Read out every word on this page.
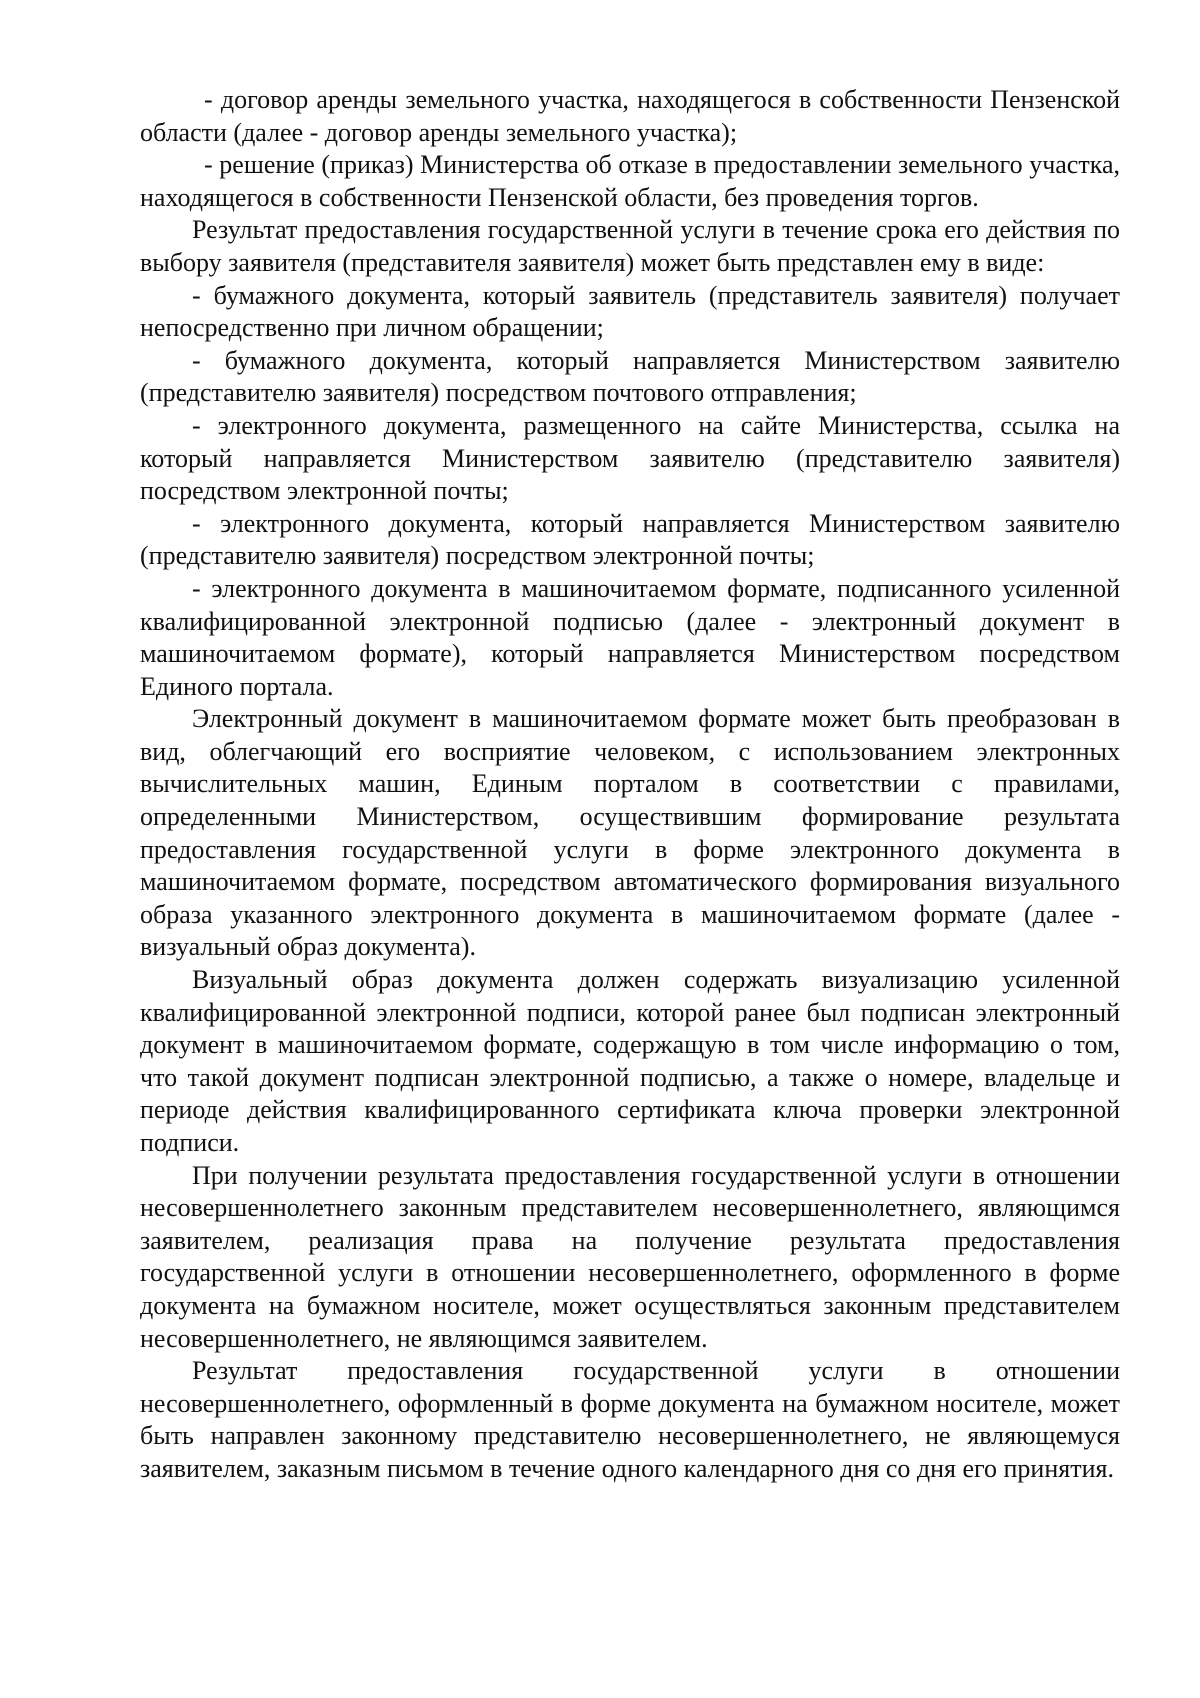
- договор аренды земельного участка, находящегося в собственности Пензенской области (далее - договор аренды земельного участка);

- решение (приказ) Министерства об отказе в предоставлении земельного участка, находящегося в собственности Пензенской области, без проведения торгов.

Результат предоставления государственной услуги в течение срока его действия по выбору заявителя (представителя заявителя) может быть представлен ему в виде:

- бумажного документа, который заявитель (представитель заявителя) получает непосредственно при личном обращении;

- бумажного документа, который направляется Министерством заявителю (представителю заявителя) посредством почтового отправления;

- электронного документа, размещенного на сайте Министерства, ссылка на который направляется Министерством заявителю (представителю заявителя) посредством электронной почты;

- электронного документа, который направляется Министерством заявителю (представителю заявителя) посредством электронной почты;

- электронного документа в машиночитаемом формате, подписанного усиленной квалифицированной электронной подписью (далее - электронный документ в машиночитаемом формате), который направляется Министерством посредством Единого портала.

Электронный документ в машиночитаемом формате может быть преобразован в вид, облегчающий его восприятие человеком, с использованием электронных вычислительных машин, Единым порталом в соответствии с правилами, определенными Министерством, осуществившим формирование результата предоставления государственной услуги в форме электронного документа в машиночитаемом формате, посредством автоматического формирования визуального образа указанного электронного документа в машиночитаемом формате (далее - визуальный образ документа).

Визуальный образ документа должен содержать визуализацию усиленной квалифицированной электронной подписи, которой ранее был подписан электронный документ в машиночитаемом формате, содержащую в том числе информацию о том, что такой документ подписан электронной подписью, а также о номере, владельце и периоде действия квалифицированного сертификата ключа проверки электронной подписи.

При получении результата предоставления государственной услуги в отношении несовершеннолетнего законным представителем несовершеннолетнего, являющимся заявителем, реализация права на получение результата предоставления государственной услуги в отношении несовершеннолетнего, оформленного в форме документа на бумажном носителе, может осуществляться законным представителем несовершеннолетнего, не являющимся заявителем.

Результат предоставления государственной услуги в отношении несовершеннолетнего, оформленный в форме документа на бумажном носителе, может быть направлен законному представителю несовершеннолетнего, не являющемуся заявителем, заказным письмом в течение одного календарного дня со дня его принятия.
